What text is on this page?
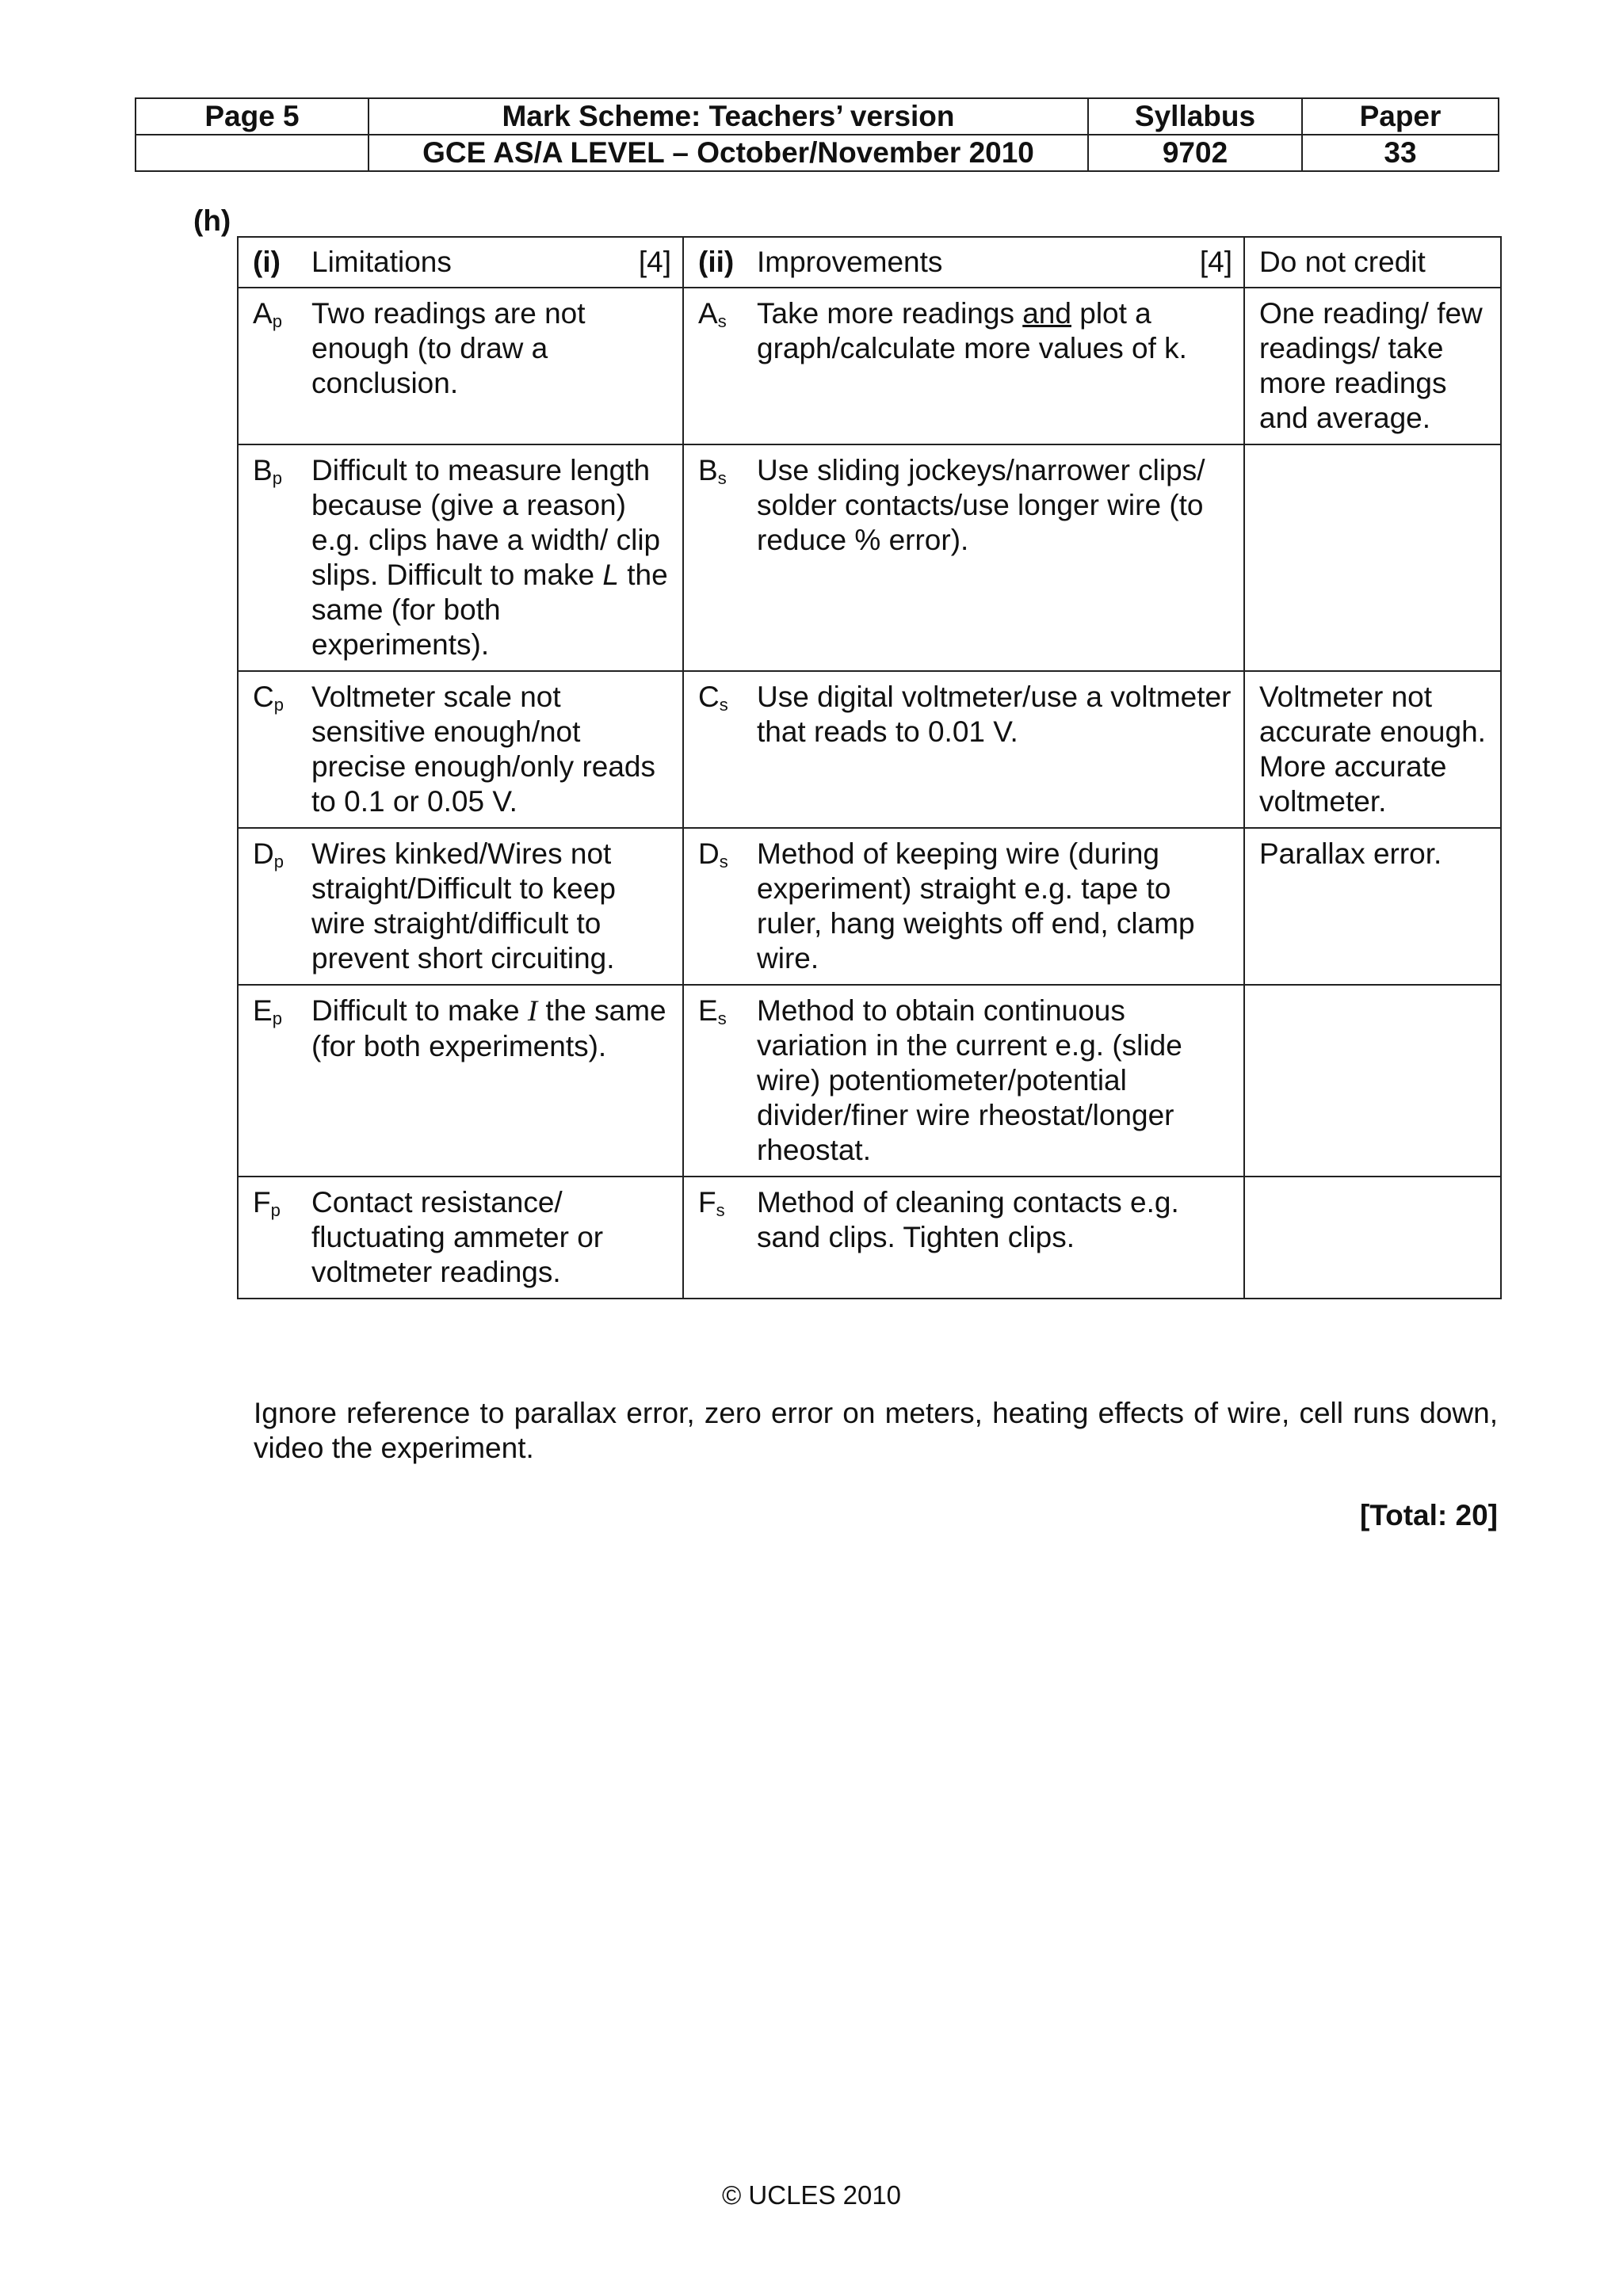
Page 5	Mark Scheme: Teachers’ version	Syllabus	Paper
	GCE AS/A LEVEL – October/November 2010	9702	33
(h)
(i) Limitations [4]	(ii) Improvements [4]	Do not credit

$A_p$ Two readings are not enough (to draw a conclusion.	$A_s$ Take more readings and plot a graph/calculate more values of k.	One reading/ few readings/ take more readings and average.

$B_p$ Difficult to measure length because (give a reason) e.g. clips have a width/ clip slips. Difficult to make L the same (for both experiments).	$B_s$ Use sliding jockeys/narrower clips/ solder contacts/use longer wire (to reduce % error).	

$C_p$ Voltmeter scale not sensitive enough/not precise enough/only reads to 0.1 or 0.05 V.	$C_s$ Use digital voltmeter/use a voltmeter that reads to 0.01 V.	Voltmeter not accurate enough. More accurate voltmeter.

$D_p$ Wires kinked/Wires not straight/Difficult to keep wire straight/difficult to prevent short circuiting.	$D_s$ Method of keeping wire (during experiment) straight e.g. tape to ruler, hang weights off end, clamp wire.	Parallax error.

$E_p$ Difficult to make I the same (for both experiments).	$E_s$ Method to obtain continuous variation in the current e.g. (slide wire) potentiometer/potential divider/finer wire rheostat/longer rheostat.	

$F_p$ Contact resistance/ fluctuating ammeter or voltmeter readings.	$F_s$ Method of cleaning contacts e.g. sand clips. Tighten clips.	

Ignore reference to parallax error, zero error on meters, heating effects of wire, cell runs down, video the experiment.
[Total: 20]
© UCLES 2010
